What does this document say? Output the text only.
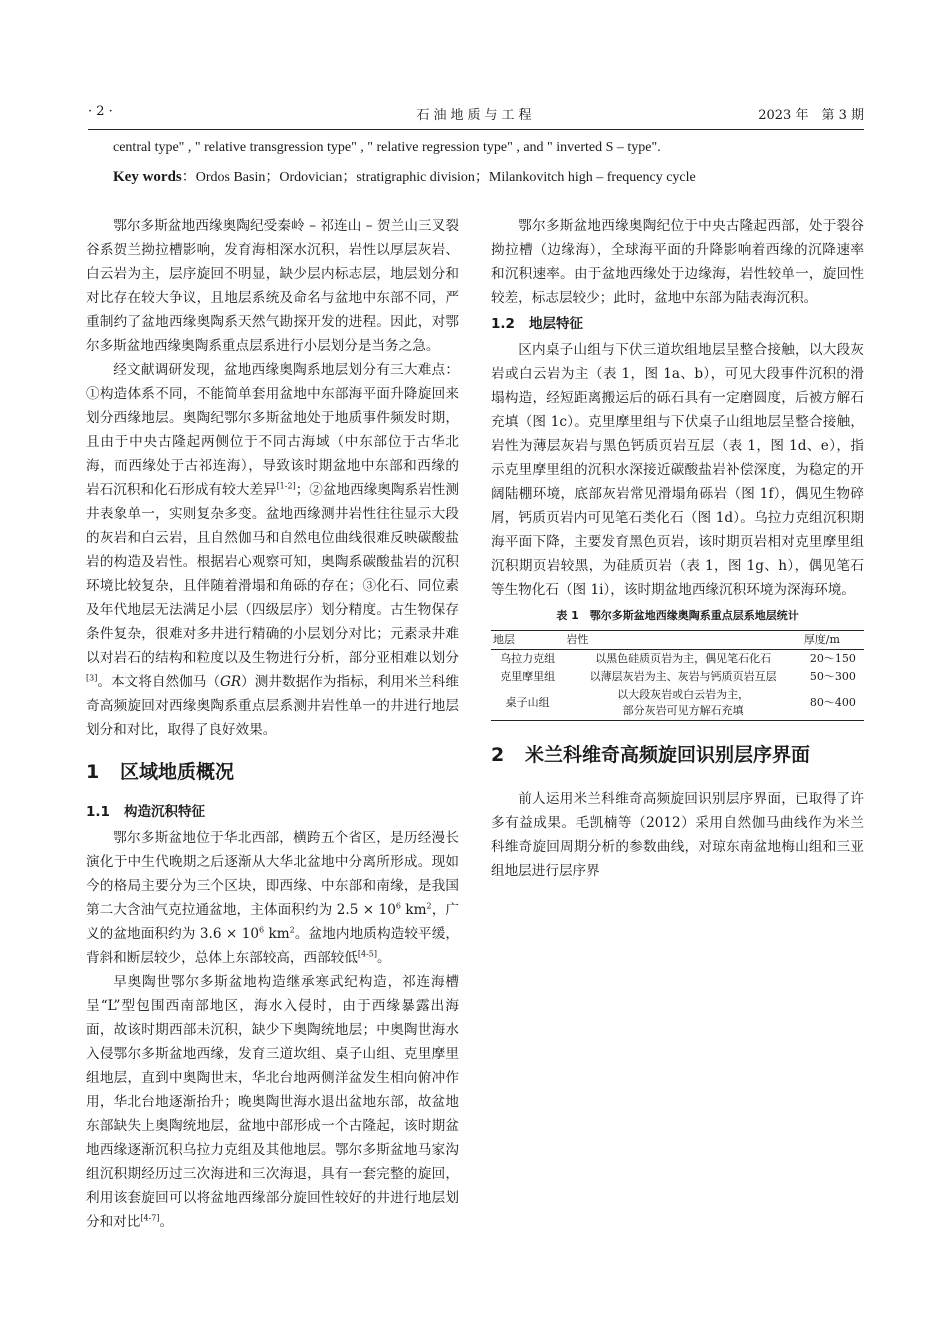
· 2 ·	石油地质与工程	2023 年　第 3 期
central type" , " relative transgression type" , " relative regression type" , and " inverted S – type".
Key words：Ordos Basin；Ordovician；stratigraphic division；Milankovitch high – frequency cycle

鄂尔多斯盆地西缘奥陶纪受秦岭 – 祁连山 – 贺兰山三叉裂谷系贺兰拗拉槽影响，发育海相深水沉积，岩性以厚层灰岩、白云岩为主，层序旋回不明显，缺少层内标志层，地层划分和对比存在较大争议，且地层系统及命名与盆地中东部不同，严重制约了盆地西缘奥陶系天然气勘探开发的进程。因此，对鄂尔多斯盆地西缘奥陶系重点层系进行小层划分是当务之急。

经文献调研发现，盆地西缘奥陶系地层划分有三大难点：①构造体系不同，不能简单套用盆地中东部海平面升降旋回来划分西缘地层。奥陶纪鄂尔多斯盆地处于地质事件频发时期，且由于中央古隆起两侧位于不同古海域（中东部位于古华北海，而西缘处于古祁连海），导致该时期盆地中东部和西缘的岩石沉积和化石形成有较大差异[1-2]；②盆地西缘奥陶系岩性测井表象单一，实则复杂多变。盆地西缘测井岩性往往显示大段的灰岩和白云岩，且自然伽马和自然电位曲线很难反映碳酸盐岩的构造及岩性。根据岩心观察可知，奥陶系碳酸盐岩的沉积环境比较复杂，且伴随着滑塌和角砾的存在；③化石、同位素及年代地层无法满足小层（四级层序）划分精度。古生物保存条件复杂，很难对多井进行精确的小层划分对比；元素录井难以对岩石的结构和粒度以及生物进行分析，部分亚相难以划分[3]。本文将自然伽马（GR）测井数据作为指标，利用米兰科维奇高频旋回对西缘奥陶系重点层系测井岩性单一的井进行地层划分和对比，取得了良好效果。

1 区域地质概况
1.1 构造沉积特征

鄂尔多斯盆地位于华北西部，横跨五个省区，是历经漫长演化于中生代晚期之后逐渐从大华北盆地中分离所形成。现如今的格局主要分为三个区块，即西缘、中东部和南缘，是我国第二大含油气克拉通盆地，主体面积约为 $2.5 \times 10^6$ $km^2$，广义的盆地面积约为 $3.6 \times 10^6$ $km^2$。盆地内地质构造较平缓，背斜和断层较少，总体上东部较高，西部较低[4-5]。

早奥陶世鄂尔多斯盆地构造继承寒武纪构造，祁连海槽呈“L”型包围西南部地区，海水入侵时，由于西缘暴露出海面，故该时期西部未沉积，缺少下奥陶统地层；中奥陶世海水入侵鄂尔多斯盆地西缘，发育三道坎组、桌子山组、克里摩里组地层，直到中奥陶世末，华北台地两侧洋盆发生相向俯冲作用，华北台地逐渐抬升；晚奥陶世海水退出盆地东部，故盆地东部缺失上奥陶统地层，盆地中部形成一个古隆起，该时期盆地西缘逐渐沉积乌拉力克组及其他地层。鄂尔多斯盆地马家沟组沉积期经历过三次海进和三次海退，具有一套完整的旋回，利用该套旋回可以将盆地西缘部分旋回性较好的井进行地层划分和对比[4-7]。

鄂尔多斯盆地西缘奥陶纪位于中央古隆起西部，处于裂谷拗拉槽（边缘海），全球海平面的升降影响着西缘的沉降速率和沉积速率。由于盆地西缘处于边缘海，岩性较单一，旋回性较差，标志层较少；此时，盆地中东部为陆表海沉积。

1.2 地层特征

区内桌子山组与下伏三道坎组地层呈整合接触，以大段灰岩或白云岩为主（表 1，图 1a、b），可见大段事件沉积的滑塌构造，经短距离搬运后的砾石具有一定磨圆度，后被方解石充填（图 1c）。克里摩里组与下伏桌子山组地层呈整合接触，岩性为薄层灰岩与黑色钙质页岩互层（表 1，图 1d、e），指示克里摩里组的沉积水深接近碳酸盐岩补偿深度，为稳定的开阔陆棚环境，底部灰岩常见滑塌角砾岩（图 1f），偶见生物碎屑，钙质页岩内可见笔石类化石（图 1d）。乌拉力克组沉积期海平面下降，主要发育黑色页岩，该时期页岩相对克里摩里组沉积期页岩较黑，为硅质页岩（表 1，图 1g、h），偶见笔石等生物化石（图 1i），该时期盆地西缘沉积环境为深海环境。

表 1　鄂尔多斯盆地西缘奥陶系重点层系地层统计
地层	岩性	厚度/m
乌拉力克组	以黑色硅质页岩为主，偶见笔石化石	20～150
克里摩里组	以薄层灰岩为主、灰岩与钙质页岩互层	50～300
桌子山组	以大段灰岩或白云岩为主，
部分灰岩可见方解石充填	80～400
2 米兰科维奇高频旋回识别层序界面

前人运用米兰科维奇高频旋回识别层序界面，已取得了许多有益成果。毛凯楠等（2012）采用自然伽马曲线作为米兰科维奇旋回周期分析的参数曲线，对琼东南盆地梅山组和三亚组地层进行层序界
